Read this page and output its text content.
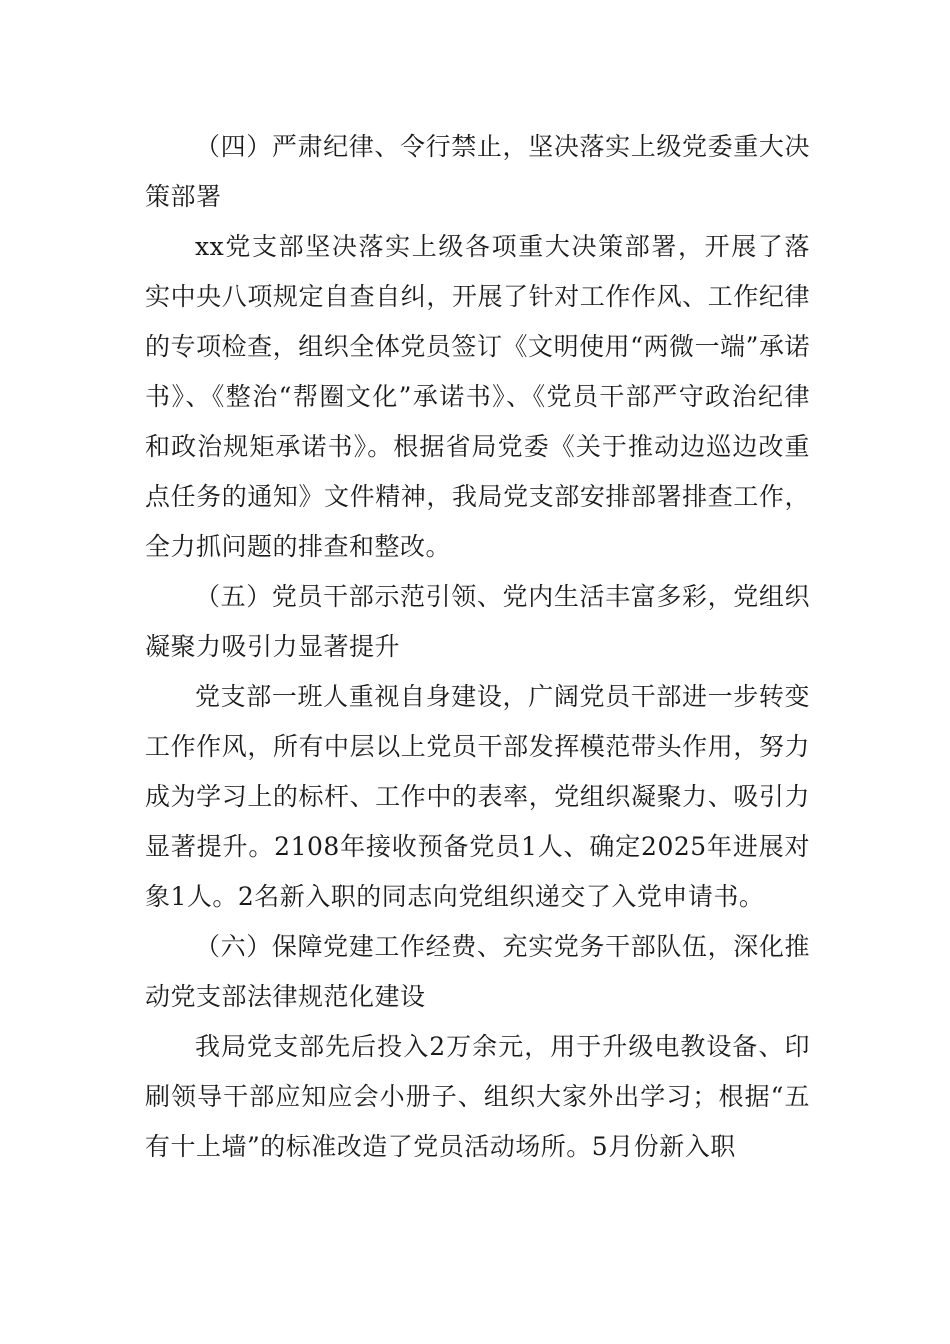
（四）严肃纪律、令行禁止，坚决落实上级党委重大决策部署

xx党支部坚决落实上级各项重大决策部署，开展了落实中央八项规定自查自纠，开展了针对工作作风、工作纪律的专项检查，组织全体党员签订《文明使用“两微一端”承诺书》、《整治“帮圈文化”承诺书》、《党员干部严守政治纪律和政治规矩承诺书》。根据省局党委《关于推动边巡边改重点任务的通知》文件精神，我局党支部安排部署排查工作，全力抓问题的排查和整改。

（五）党员干部示范引领、党内生活丰富多彩，党组织凝聚力吸引力显著提升

党支部一班人重视自身建设，广阔党员干部进一步转变工作作风，所有中层以上党员干部发挥模范带头作用，努力成为学习上的标杆、工作中的表率，党组织凝聚力、吸引力显著提升。2108年接收预备党员1人、确定2025年进展对象1人。2名新入职的同志向党组织递交了入党申请书。

（六）保障党建工作经费、充实党务干部队伍，深化推动党支部法律规范化建设

我局党支部先后投入2万余元，用于升级电教设备、印刷领导干部应知应会小册子、组织大家外出学习；根据“五有十上墙”的标准改造了党员活动场所。5月份新入职
